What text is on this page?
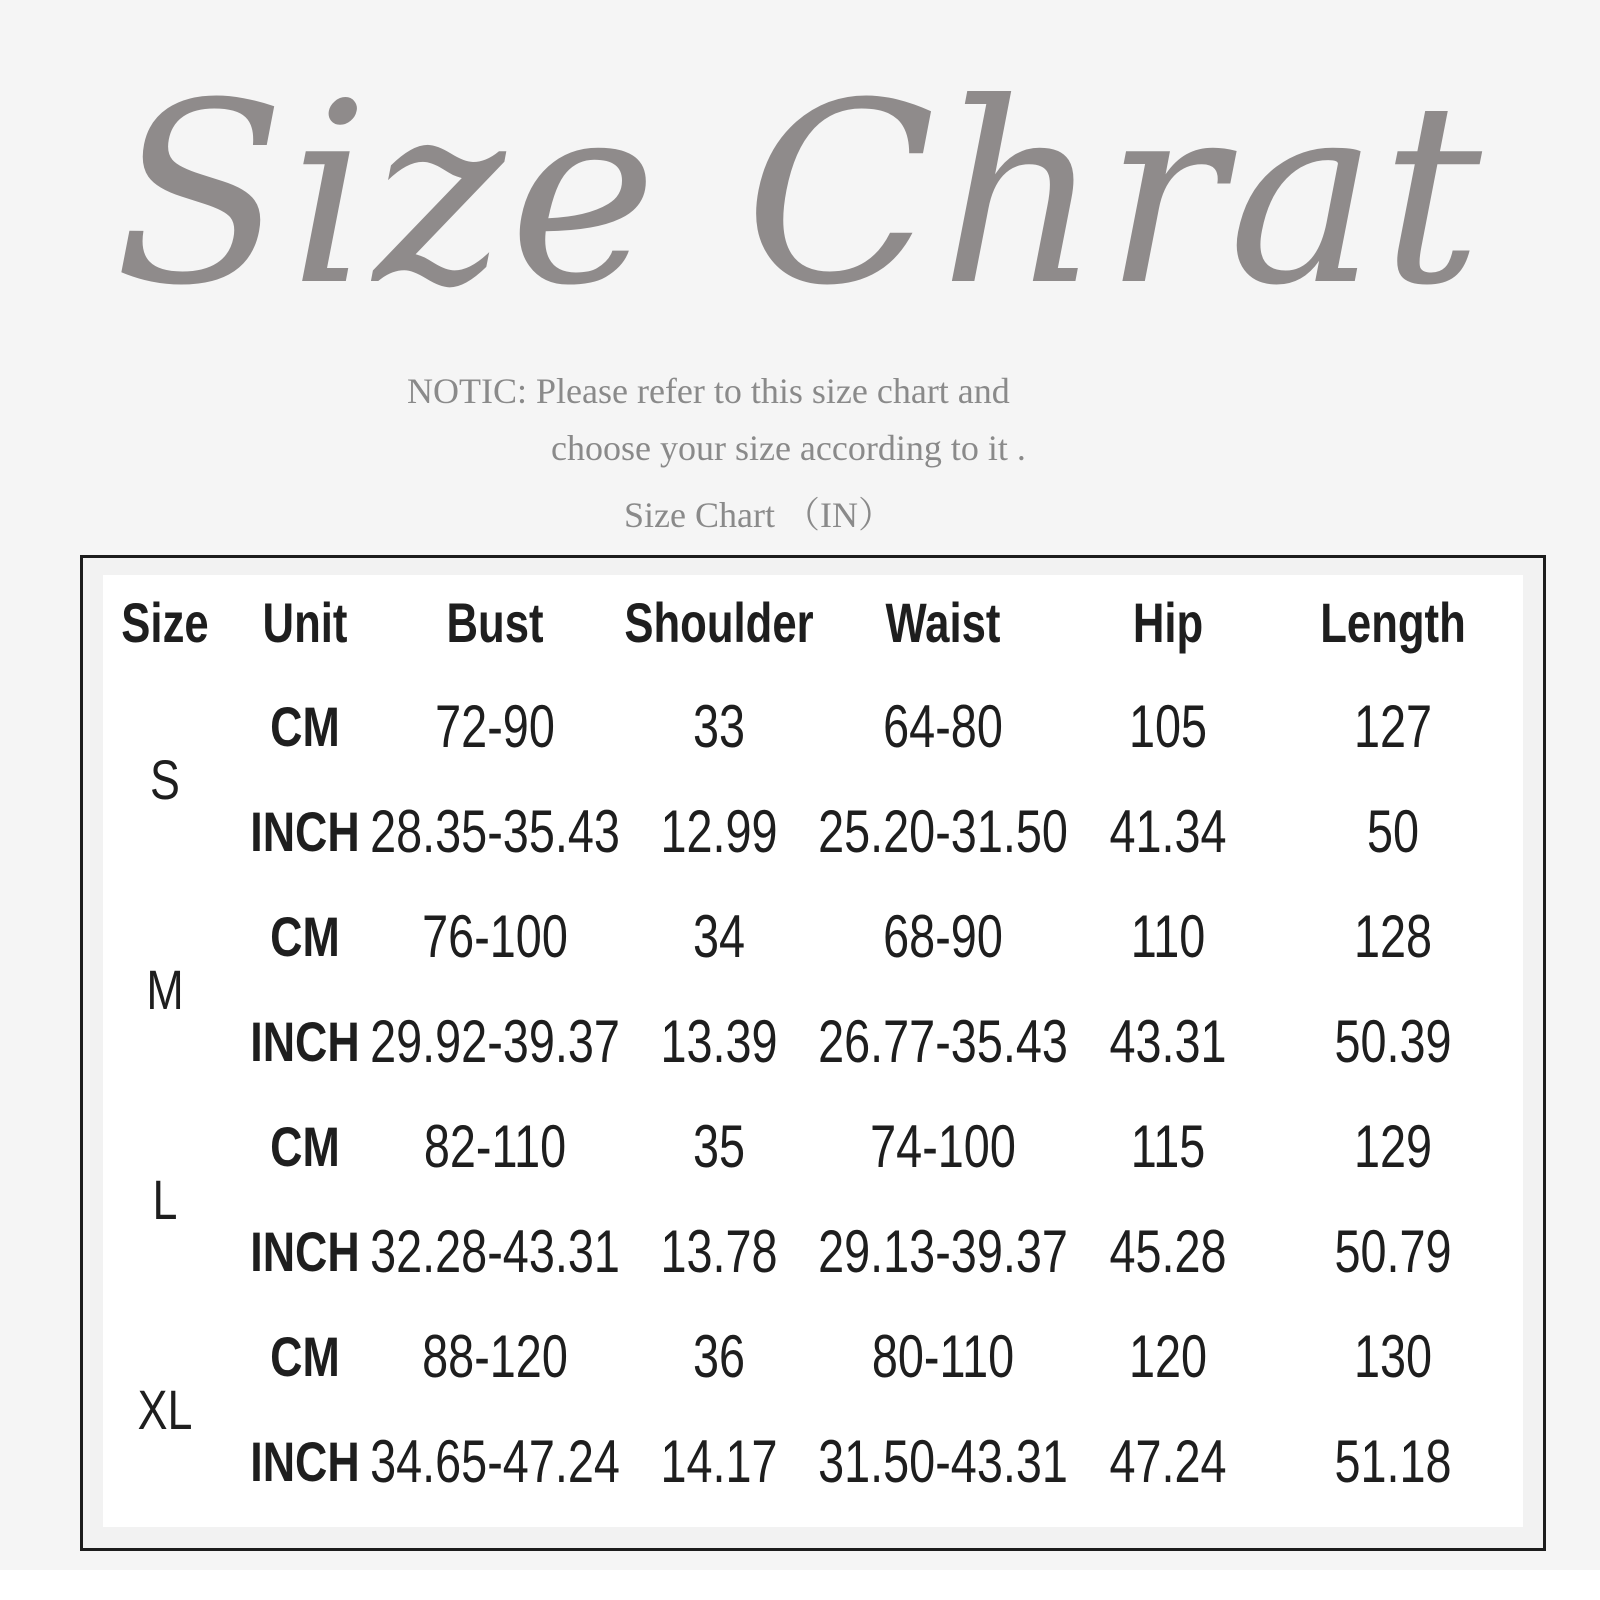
Size Chrat
NOTIC: Please refer to this size chart and
choose your size according to it .
Size Chart （IN）
Size Unit Bust Shoulder Waist Hip Length
S
CM 72-90 33 64-80 105 127
INCH 28.35-35.43 12.99 25.20-31.50 41.34 50
M
CM 76-100 34 68-90 110 128
INCH 29.92-39.37 13.39 26.77-35.43 43.31 50.39
L
CM 82-110 35 74-100 115 129
INCH 32.28-43.31 13.78 29.13-39.37 45.28 50.79
XL
CM 88-120 36 80-110 120 130
INCH 34.65-47.24 14.17 31.50-43.31 47.24 51.18
